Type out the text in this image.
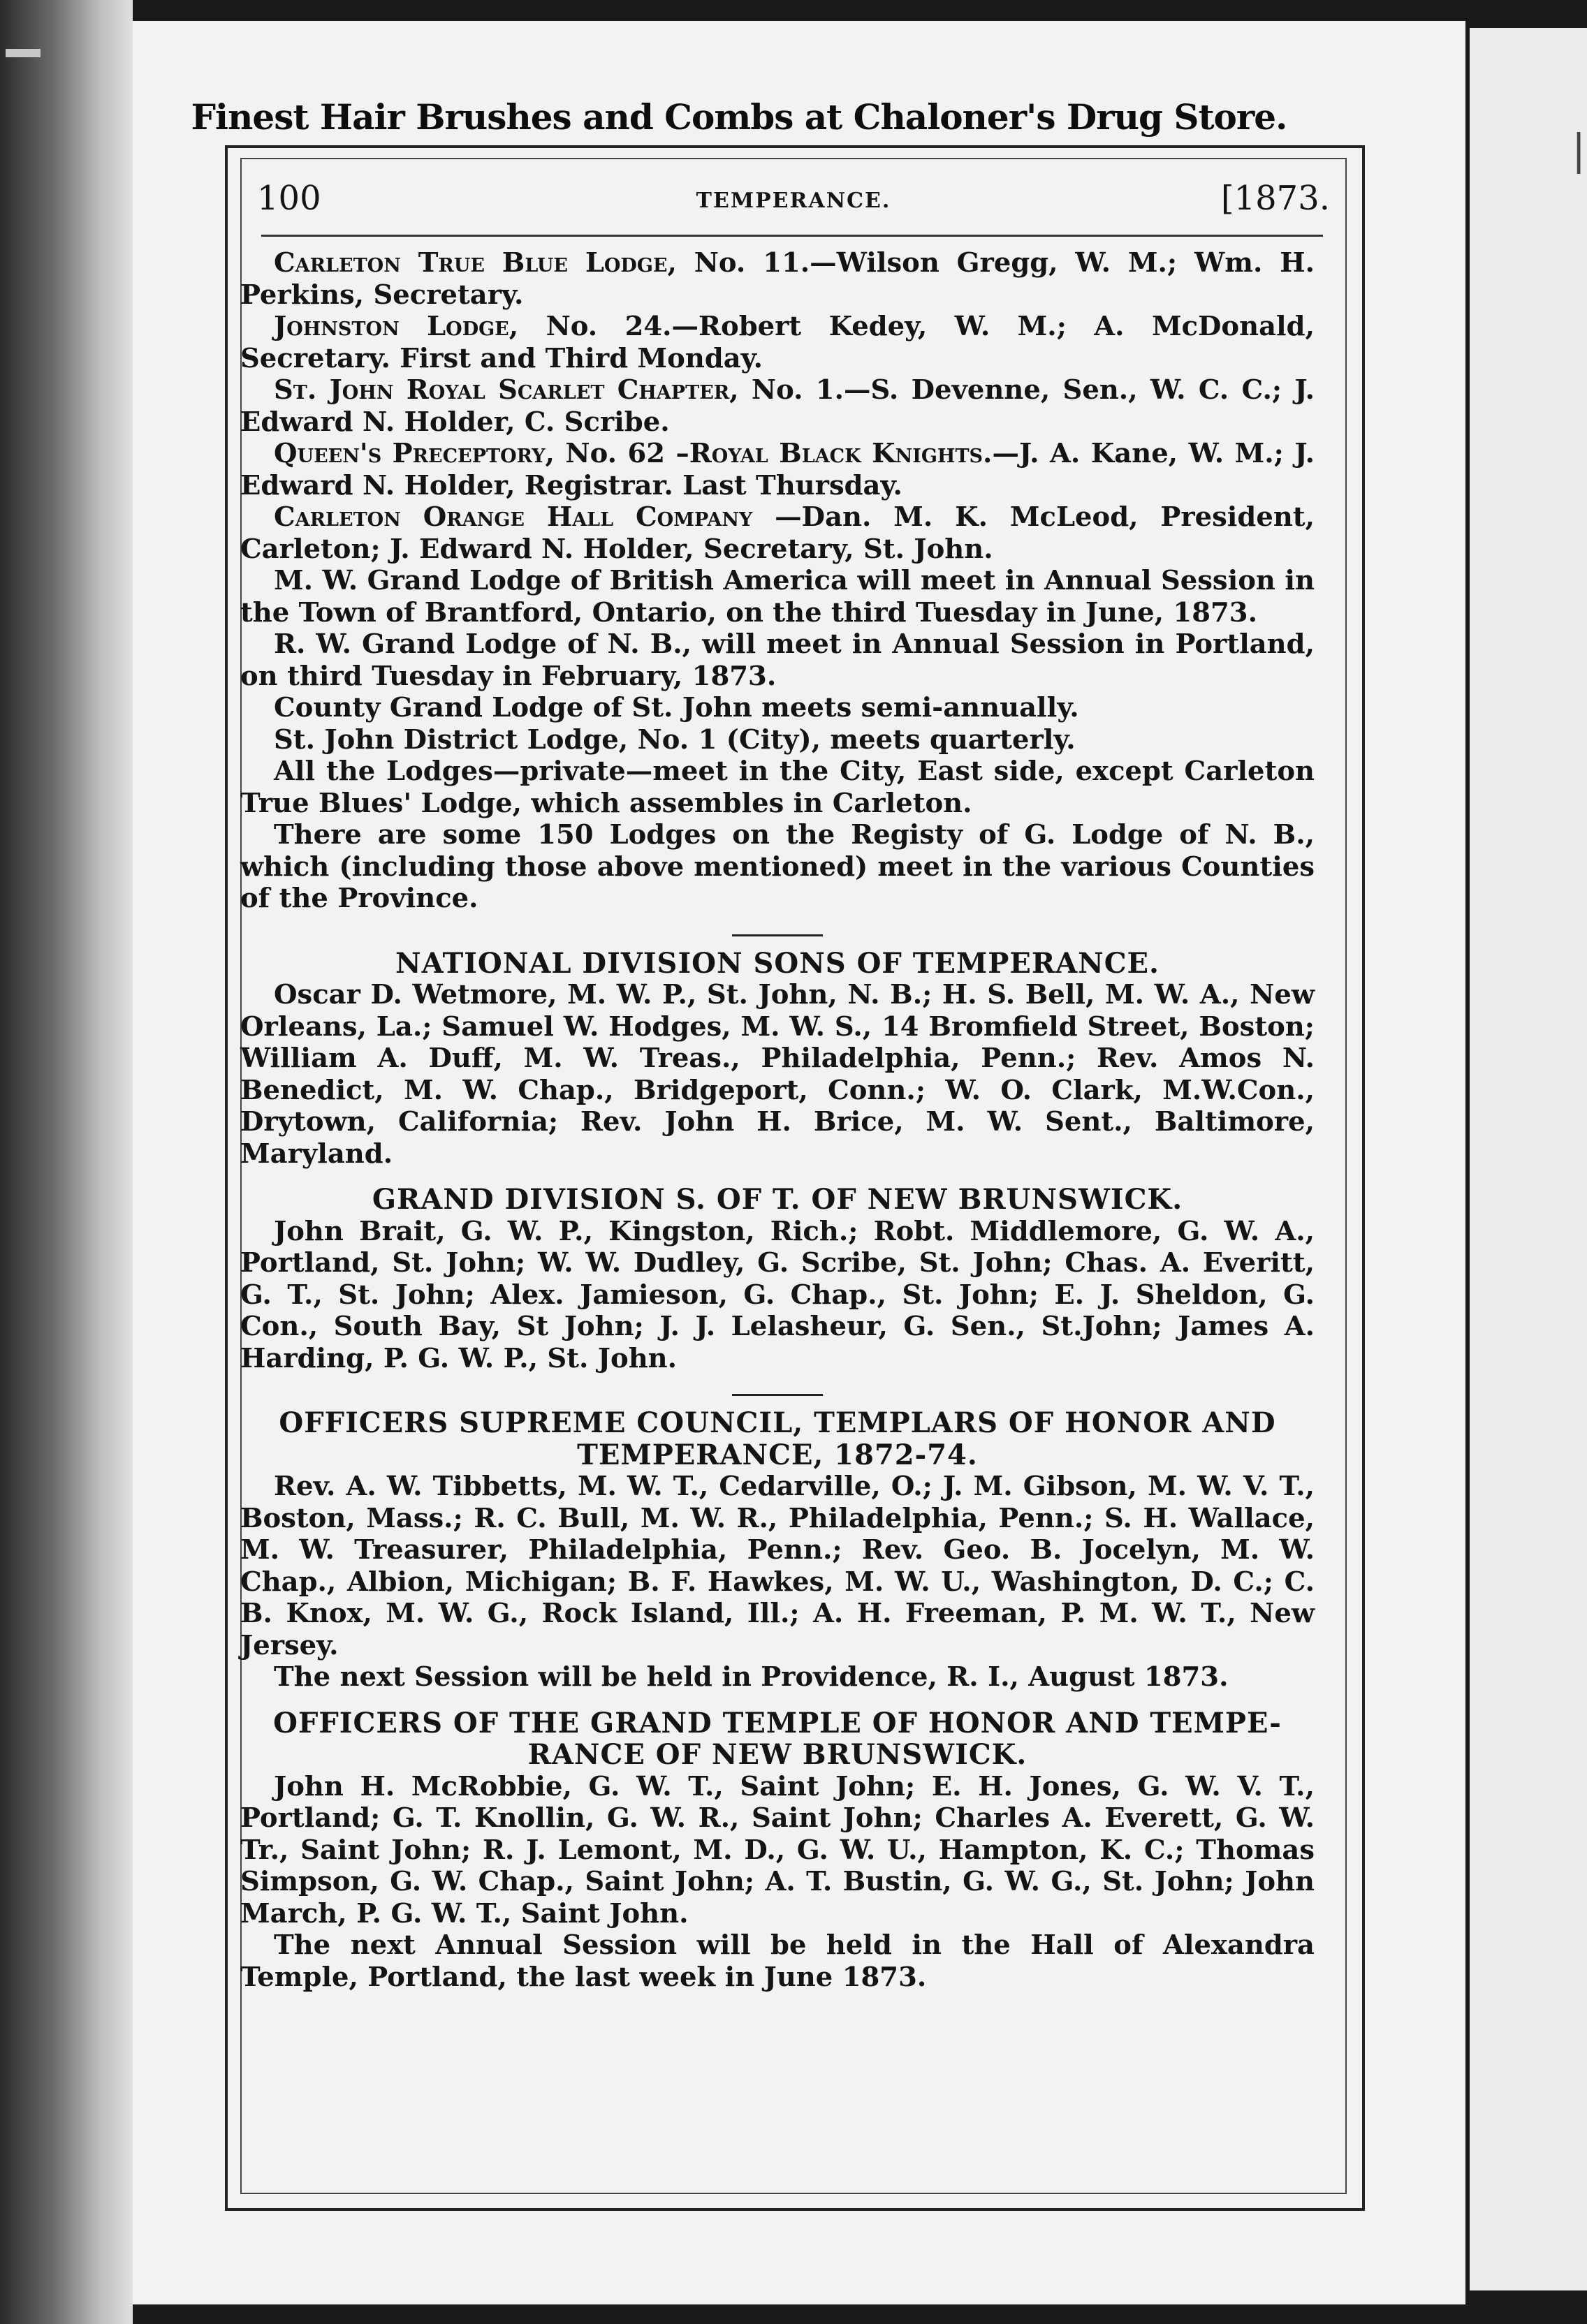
|
Finest Hair Brushes and Combs at Chaloner's Drug Store.
100	TEMPERANCE.	[1873.

Carleton True Blue Lodge, No. 11.—Wilson Gregg, W. M.; Wm. H. Perkins, Secretary.

Johnston Lodge, No. 24.—Robert Kedey, W. M.; A. McDonald, Secretary. First and Third Monday.

St. John Royal Scarlet Chapter, No. 1.—S. Devenne, Sen., W. C. C.; J. Edward N. Holder, C. Scribe.

Queen's Preceptory, No. 62 –Royal Black Knights.—J. A. Kane, W. M.; J. Edward N. Holder, Registrar. Last Thursday.

Carleton Orange Hall Company —Dan. M. K. McLeod, President, Carleton; J. Edward N. Holder, Secretary, St. John.

M. W. Grand Lodge of British America will meet in Annual Session in the Town of Brantford, Ontario, on the third Tuesday in June, 1873.

R. W. Grand Lodge of N. B., will meet in Annual Session in Portland, on third Tuesday in February, 1873.

County Grand Lodge of St. John meets semi-annually.

St. John District Lodge, No. 1 (City), meets quarterly.

All the Lodges—private—meet in the City, East side, except Carleton True Blues' Lodge, which assembles in Carleton.

There are some 150 Lodges on the Registy of G. Lodge of N. B., which (including those above mentioned) meet in the various Counties of the Province.

NATIONAL DIVISION SONS OF TEMPERANCE.

Oscar D. Wetmore, M. W. P., St. John, N. B.; H. S. Bell, M. W. A., New Orleans, La.; Samuel W. Hodges, M. W. S., 14 Bromfield Street, Boston; William A. Duff, M. W. Treas., Philadelphia, Penn.; Rev. Amos N. Benedict, M. W. Chap., Bridgeport, Conn.; W. O. Clark, M.W.Con., Drytown, California; Rev. John H. Brice, M. W. Sent., Baltimore, Maryland.

GRAND DIVISION S. OF T. OF NEW BRUNSWICK.

John Brait, G. W. P., Kingston, Rich.; Robt. Middlemore, G. W. A., Portland, St. John; W. W. Dudley, G. Scribe, St. John; Chas. A. Everitt, G. T., St. John; Alex. Jamieson, G. Chap., St. John; E. J. Sheldon, G. Con., South Bay, St John; J. J. Lelasheur, G. Sen., St.John; James A. Harding, P. G. W. P., St. John.

OFFICERS SUPREME COUNCIL, TEMPLARS OF HONOR AND

TEMPERANCE, 1872-74.

Rev. A. W. Tibbetts, M. W. T., Cedarville, O.; J. M. Gibson, M. W. V. T., Boston, Mass.; R. C. Bull, M. W. R., Philadelphia, Penn.; S. H. Wallace, M. W. Treasurer, Philadelphia, Penn.; Rev. Geo. B. Jocelyn, M. W. Chap., Albion, Michigan; B. F. Hawkes, M. W. U., Washington, D. C.; C. B. Knox, M. W. G., Rock Island, Ill.; A. H. Freeman, P. M. W. T., New Jersey.

The next Session will be held in Providence, R. I., August 1873.

OFFICERS OF THE GRAND TEMPLE OF HONOR AND TEMPE-

RANCE OF NEW BRUNSWICK.

John H. McRobbie, G. W. T., Saint John; E. H. Jones, G. W. V. T., Portland; G. T. Knollin, G. W. R., Saint John; Charles A. Everett, G. W. Tr., Saint John; R. J. Lemont, M. D., G. W. U., Hampton, K. C.; Thomas Simpson, G. W. Chap., Saint John; A. T. Bustin, G. W. G., St. John; John March, P. G. W. T., Saint John.

The next Annual Session will be held in the Hall of Alexandra Temple, Portland, the last week in June 1873.
